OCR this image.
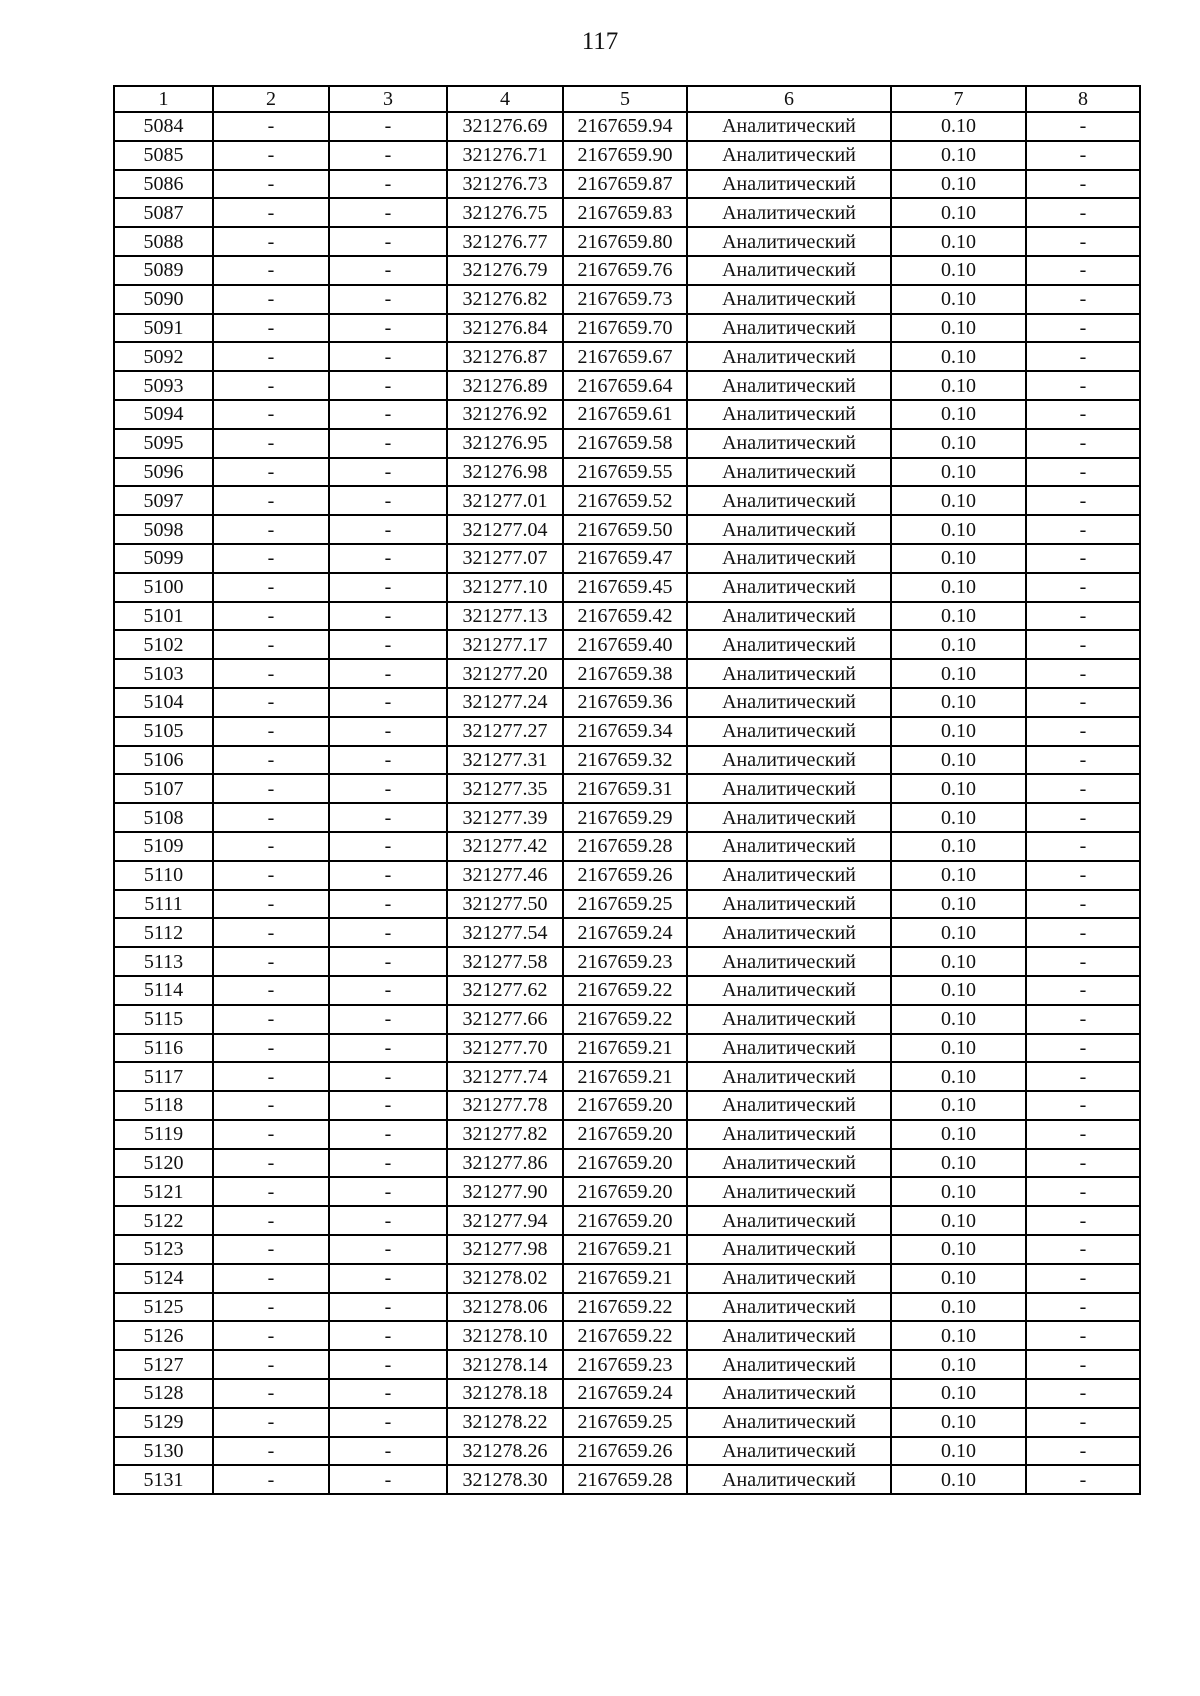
117
1	2	3	4	5	6	7	8
5084	-	-	321276.69	2167659.94	Аналитический	0.10	-
5085	-	-	321276.71	2167659.90	Аналитический	0.10	-
5086	-	-	321276.73	2167659.87	Аналитический	0.10	-
5087	-	-	321276.75	2167659.83	Аналитический	0.10	-
5088	-	-	321276.77	2167659.80	Аналитический	0.10	-
5089	-	-	321276.79	2167659.76	Аналитический	0.10	-
5090	-	-	321276.82	2167659.73	Аналитический	0.10	-
5091	-	-	321276.84	2167659.70	Аналитический	0.10	-
5092	-	-	321276.87	2167659.67	Аналитический	0.10	-
5093	-	-	321276.89	2167659.64	Аналитический	0.10	-
5094	-	-	321276.92	2167659.61	Аналитический	0.10	-
5095	-	-	321276.95	2167659.58	Аналитический	0.10	-
5096	-	-	321276.98	2167659.55	Аналитический	0.10	-
5097	-	-	321277.01	2167659.52	Аналитический	0.10	-
5098	-	-	321277.04	2167659.50	Аналитический	0.10	-
5099	-	-	321277.07	2167659.47	Аналитический	0.10	-
5100	-	-	321277.10	2167659.45	Аналитический	0.10	-
5101	-	-	321277.13	2167659.42	Аналитический	0.10	-
5102	-	-	321277.17	2167659.40	Аналитический	0.10	-
5103	-	-	321277.20	2167659.38	Аналитический	0.10	-
5104	-	-	321277.24	2167659.36	Аналитический	0.10	-
5105	-	-	321277.27	2167659.34	Аналитический	0.10	-
5106	-	-	321277.31	2167659.32	Аналитический	0.10	-
5107	-	-	321277.35	2167659.31	Аналитический	0.10	-
5108	-	-	321277.39	2167659.29	Аналитический	0.10	-
5109	-	-	321277.42	2167659.28	Аналитический	0.10	-
5110	-	-	321277.46	2167659.26	Аналитический	0.10	-
5111	-	-	321277.50	2167659.25	Аналитический	0.10	-
5112	-	-	321277.54	2167659.24	Аналитический	0.10	-
5113	-	-	321277.58	2167659.23	Аналитический	0.10	-
5114	-	-	321277.62	2167659.22	Аналитический	0.10	-
5115	-	-	321277.66	2167659.22	Аналитический	0.10	-
5116	-	-	321277.70	2167659.21	Аналитический	0.10	-
5117	-	-	321277.74	2167659.21	Аналитический	0.10	-
5118	-	-	321277.78	2167659.20	Аналитический	0.10	-
5119	-	-	321277.82	2167659.20	Аналитический	0.10	-
5120	-	-	321277.86	2167659.20	Аналитический	0.10	-
5121	-	-	321277.90	2167659.20	Аналитический	0.10	-
5122	-	-	321277.94	2167659.20	Аналитический	0.10	-
5123	-	-	321277.98	2167659.21	Аналитический	0.10	-
5124	-	-	321278.02	2167659.21	Аналитический	0.10	-
5125	-	-	321278.06	2167659.22	Аналитический	0.10	-
5126	-	-	321278.10	2167659.22	Аналитический	0.10	-
5127	-	-	321278.14	2167659.23	Аналитический	0.10	-
5128	-	-	321278.18	2167659.24	Аналитический	0.10	-
5129	-	-	321278.22	2167659.25	Аналитический	0.10	-
5130	-	-	321278.26	2167659.26	Аналитический	0.10	-
5131	-	-	321278.30	2167659.28	Аналитический	0.10	-
